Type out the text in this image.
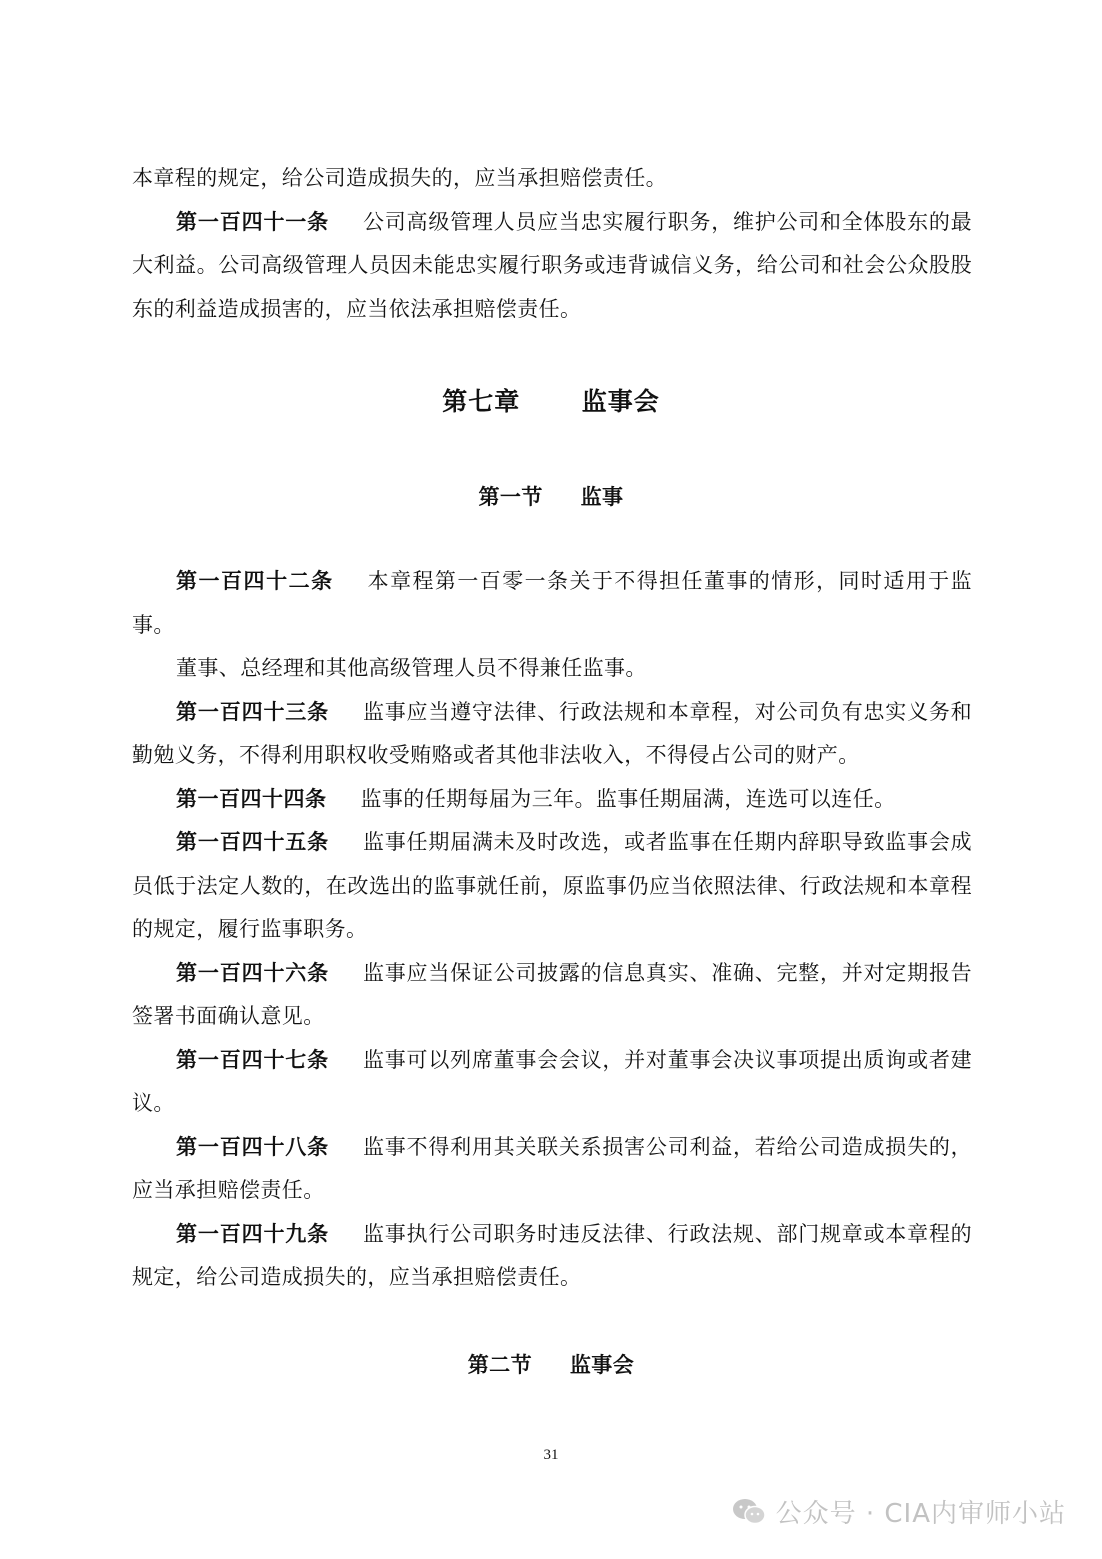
本章程的规定，给公司造成损失的，应当承担赔偿责任。

第一百四十一条 公司高级管理人员应当忠实履行职务，维护公司和全体股东的最大利益。公司高级管理人员因未能忠实履行职务或违背诚信义务，给公司和社会公众股股东的利益造成损害的，应当依法承担赔偿责任。

第七章 监事会
第一节 监事

第一百四十二条 本章程第一百零一条关于不得担任董事的情形，同时适用于监事。

董事、总经理和其他高级管理人员不得兼任监事。

第一百四十三条 监事应当遵守法律、行政法规和本章程，对公司负有忠实义务和勤勉义务，不得利用职权收受贿赂或者其他非法收入，不得侵占公司的财产。

第一百四十四条 监事的任期每届为三年。监事任期届满，连选可以连任。

第一百四十五条 监事任期届满未及时改选，或者监事在任期内辞职导致监事会成员低于法定人数的，在改选出的监事就任前，原监事仍应当依照法律、行政法规和本章程的规定，履行监事职务。

第一百四十六条 监事应当保证公司披露的信息真实、准确、完整，并对定期报告签署书面确认意见。

第一百四十七条 监事可以列席董事会会议，并对董事会决议事项提出质询或者建议。

第一百四十八条 监事不得利用其关联关系损害公司利益，若给公司造成损失的，应当承担赔偿责任。

第一百四十九条 监事执行公司职务时违反法律、行政法规、部门规章或本章程的规定，给公司造成损失的，应当承担赔偿责任。

第二节 监事会
31
公众号 · CIA内审师小站
